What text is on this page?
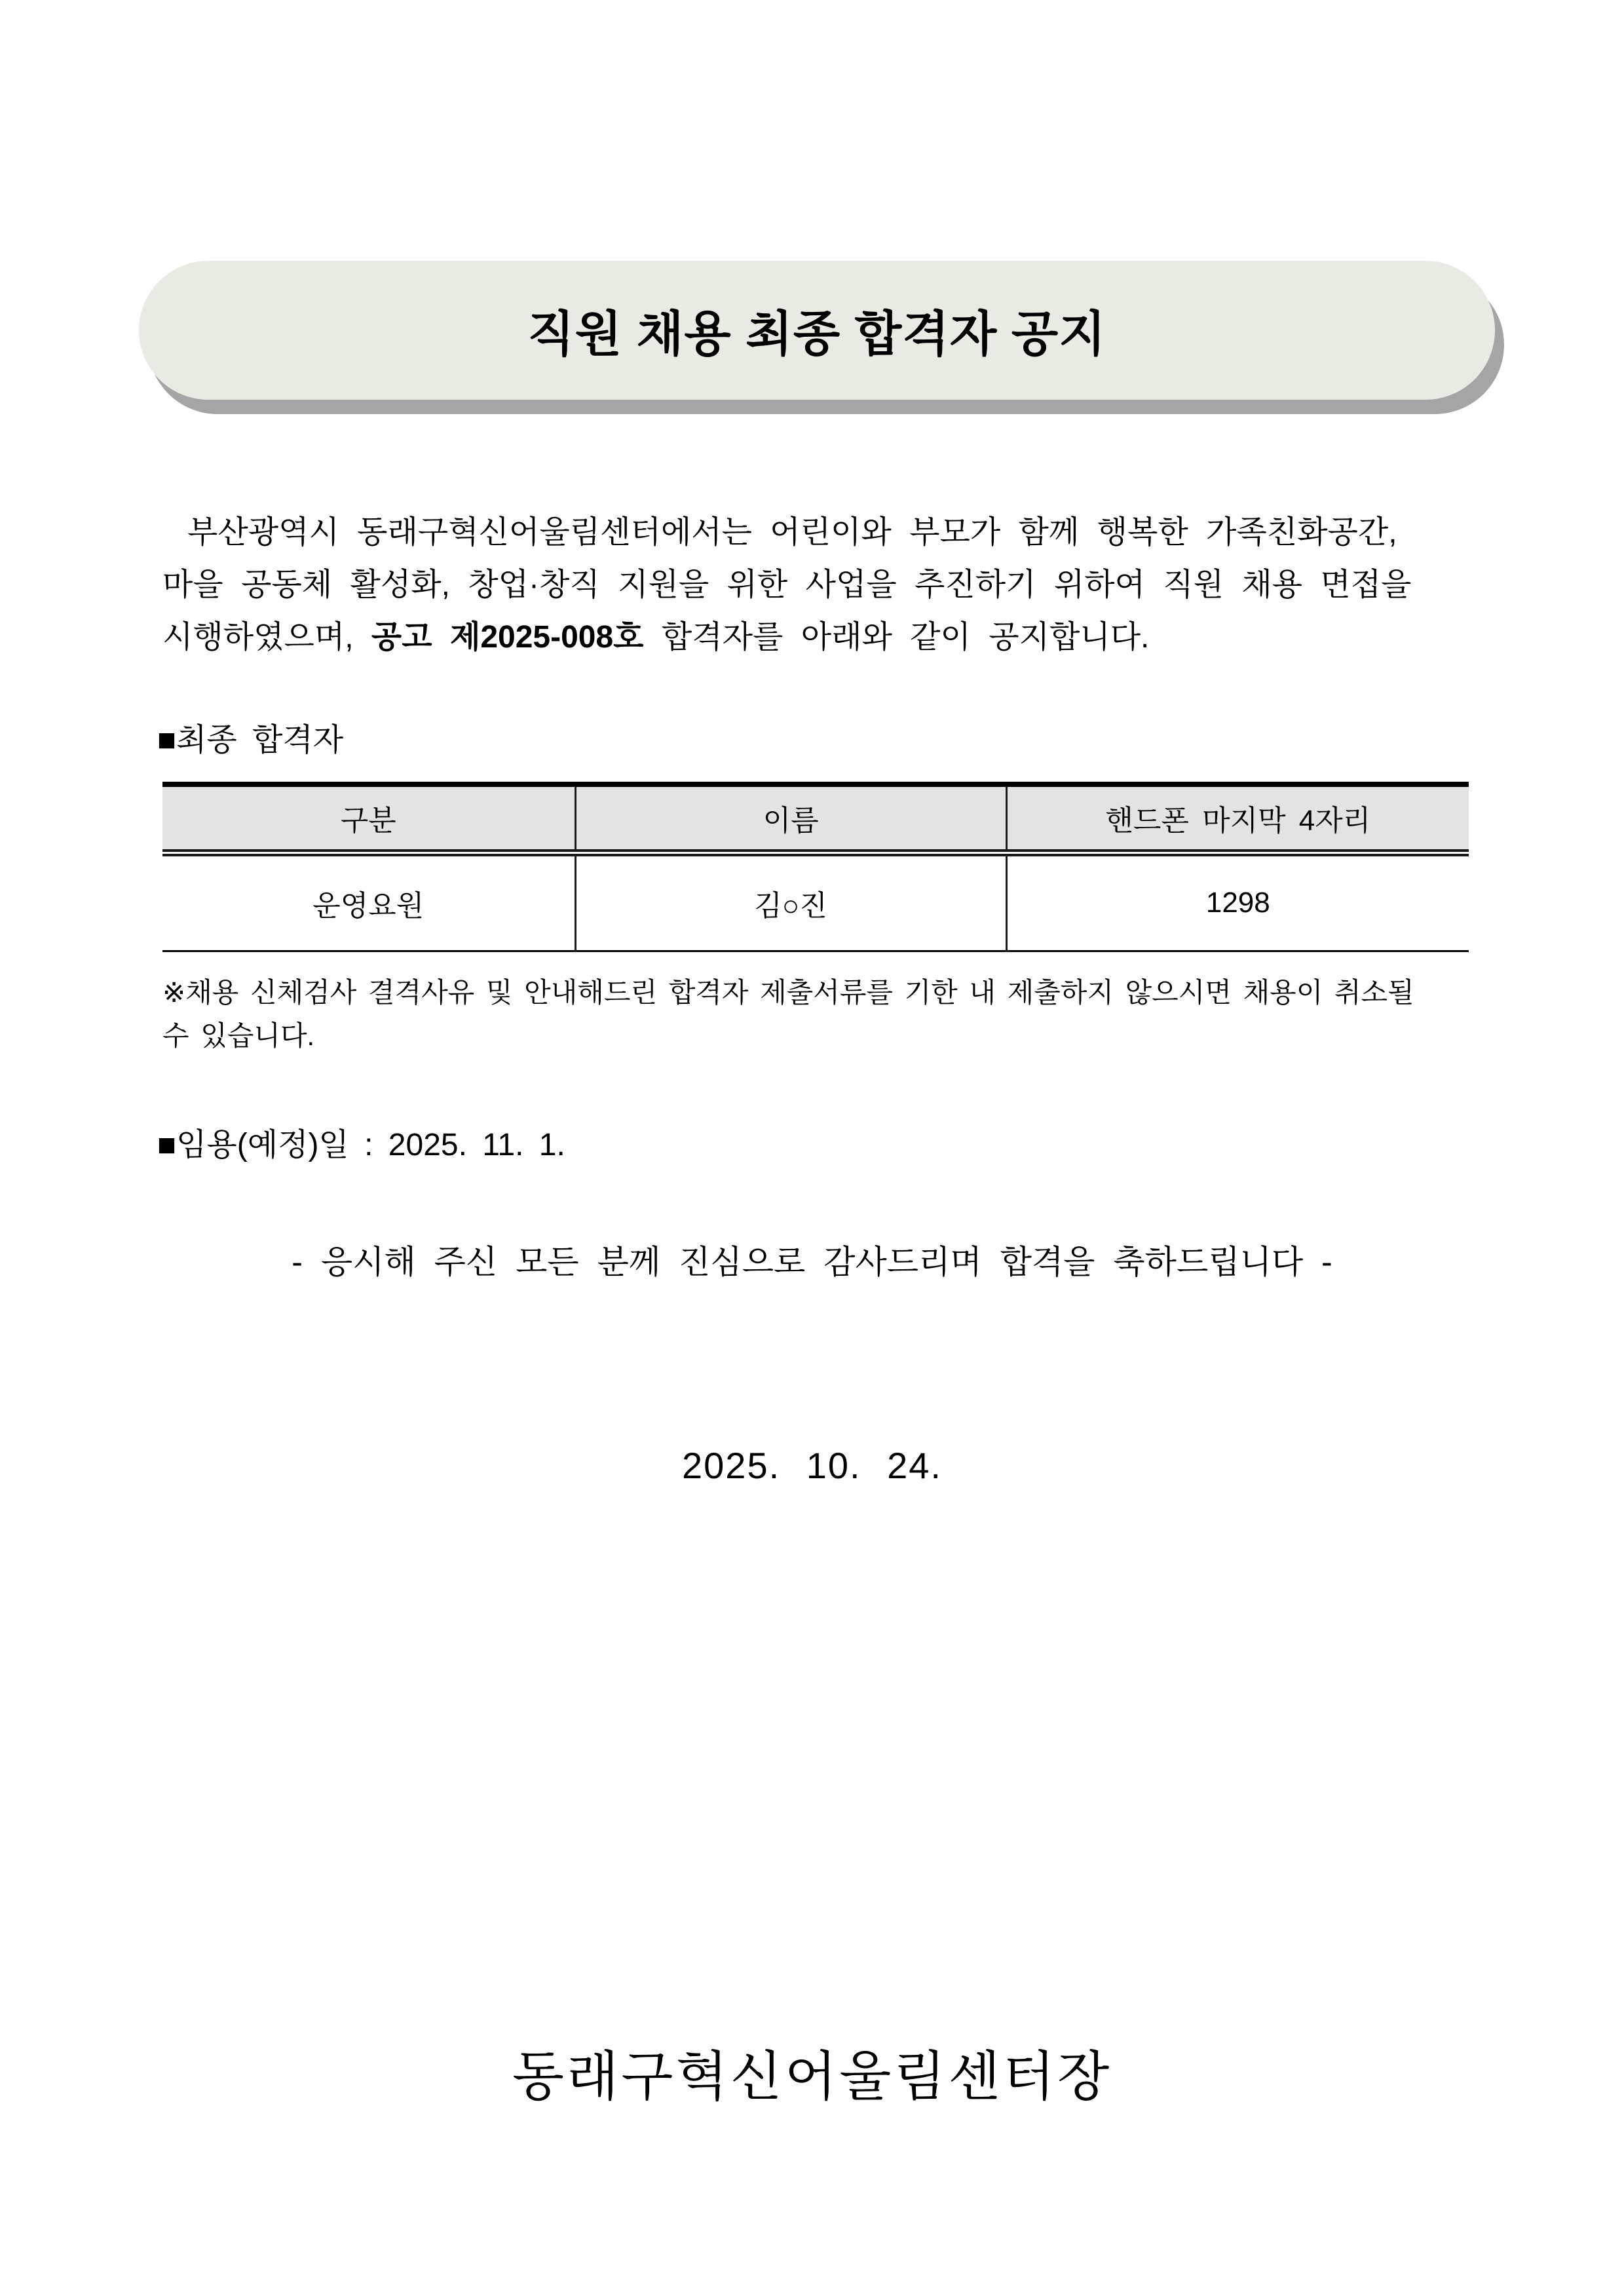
직원 채용 최종 합격자 공지
부산광역시 동래구혁신어울림센터에서는 어린이와 부모가 함께 행복한 가족친화공간,
마을 공동체 활성화, 창업·창직 지원을 위한 사업을 추진하기 위하여 직원 채용 면접을
시행하였으며, 공고 제2025-008호 합격자를 아래와 같이 공지합니다.
■최종 합격자
구분	이름	핸드폰 마지막 4자리
운영요원	김○진	1298
※채용 신체검사 결격사유 및 안내해드린 합격자 제출서류를 기한 내 제출하지 않으시면 채용이 취소될
수 있습니다.
■임용(예정)일 : 2025. 11. 1.
- 응시해 주신 모든 분께 진심으로 감사드리며 합격을 축하드립니다 -
2025. 10. 24.
동래구혁신어울림센터장
